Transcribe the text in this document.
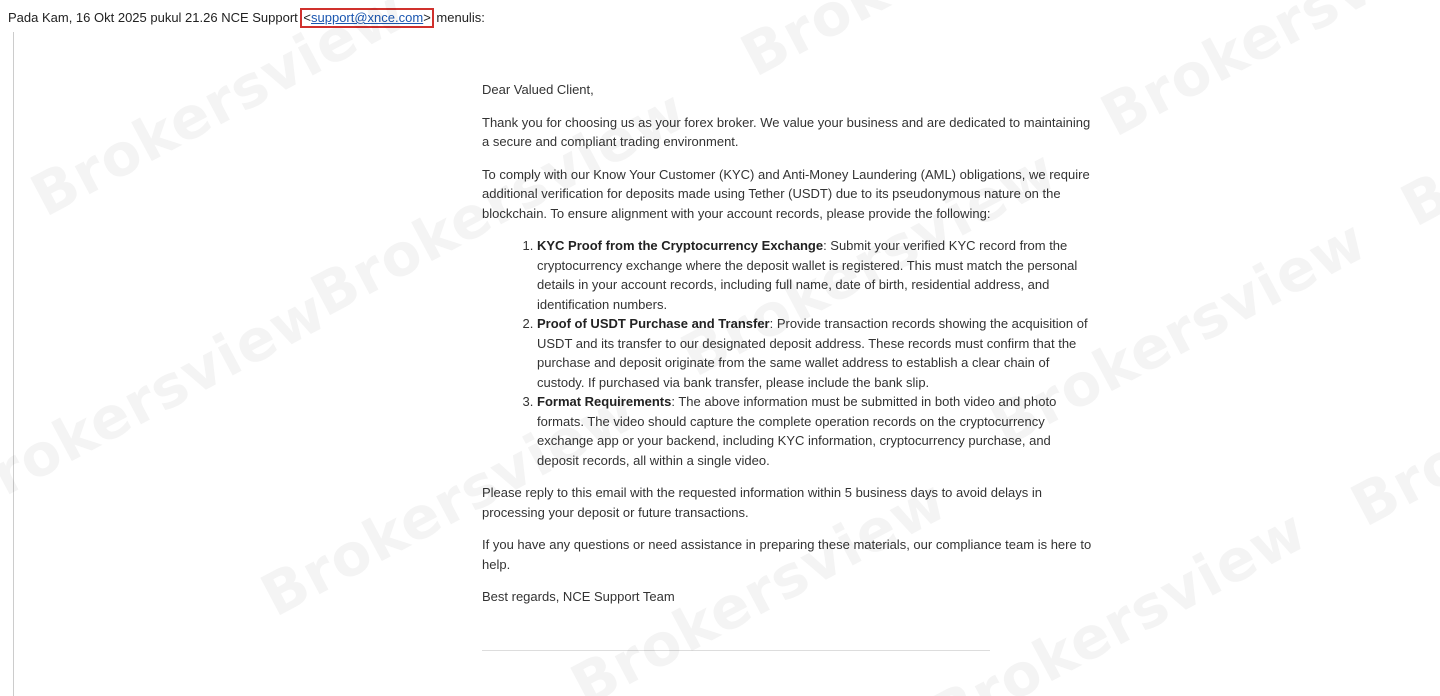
Pada Kam, 16 Okt 2025 pukul 21.26 NCE Support <support@xnce.com> menulis:

Dear Valued Client,

Thank you for choosing us as your forex broker. We value your business and are dedicated to maintaining a secure and compliant trading environment.

To comply with our Know Your Customer (KYC) and Anti-Money Laundering (AML) obligations, we require additional verification for deposits made using Tether (USDT) due to its pseudonymous nature on the blockchain. To ensure alignment with your account records, please provide the following:

1. KYC Proof from the Cryptocurrency Exchange: Submit your verified KYC record from the cryptocurrency exchange where the deposit wallet is registered. This must match the personal details in your account records, including full name, date of birth, residential address, and identification numbers.
2. Proof of USDT Purchase and Transfer: Provide transaction records showing the acquisition of USDT and its transfer to our designated deposit address. These records must confirm that the purchase and deposit originate from the same wallet address to establish a clear chain of custody. If purchased via bank transfer, please include the bank slip.
3. Format Requirements: The above information must be submitted in both video and photo formats. The video should capture the complete operation records on the cryptocurrency exchange app or your backend, including KYC information, cryptocurrency purchase, and deposit records, all within a single video.

Please reply to this email with the requested information within 5 business days to avoid delays in processing your deposit or future transactions.

If you have any questions or need assistance in preparing these materials, our compliance team is here to help.

Best regards, NCE Support Team
